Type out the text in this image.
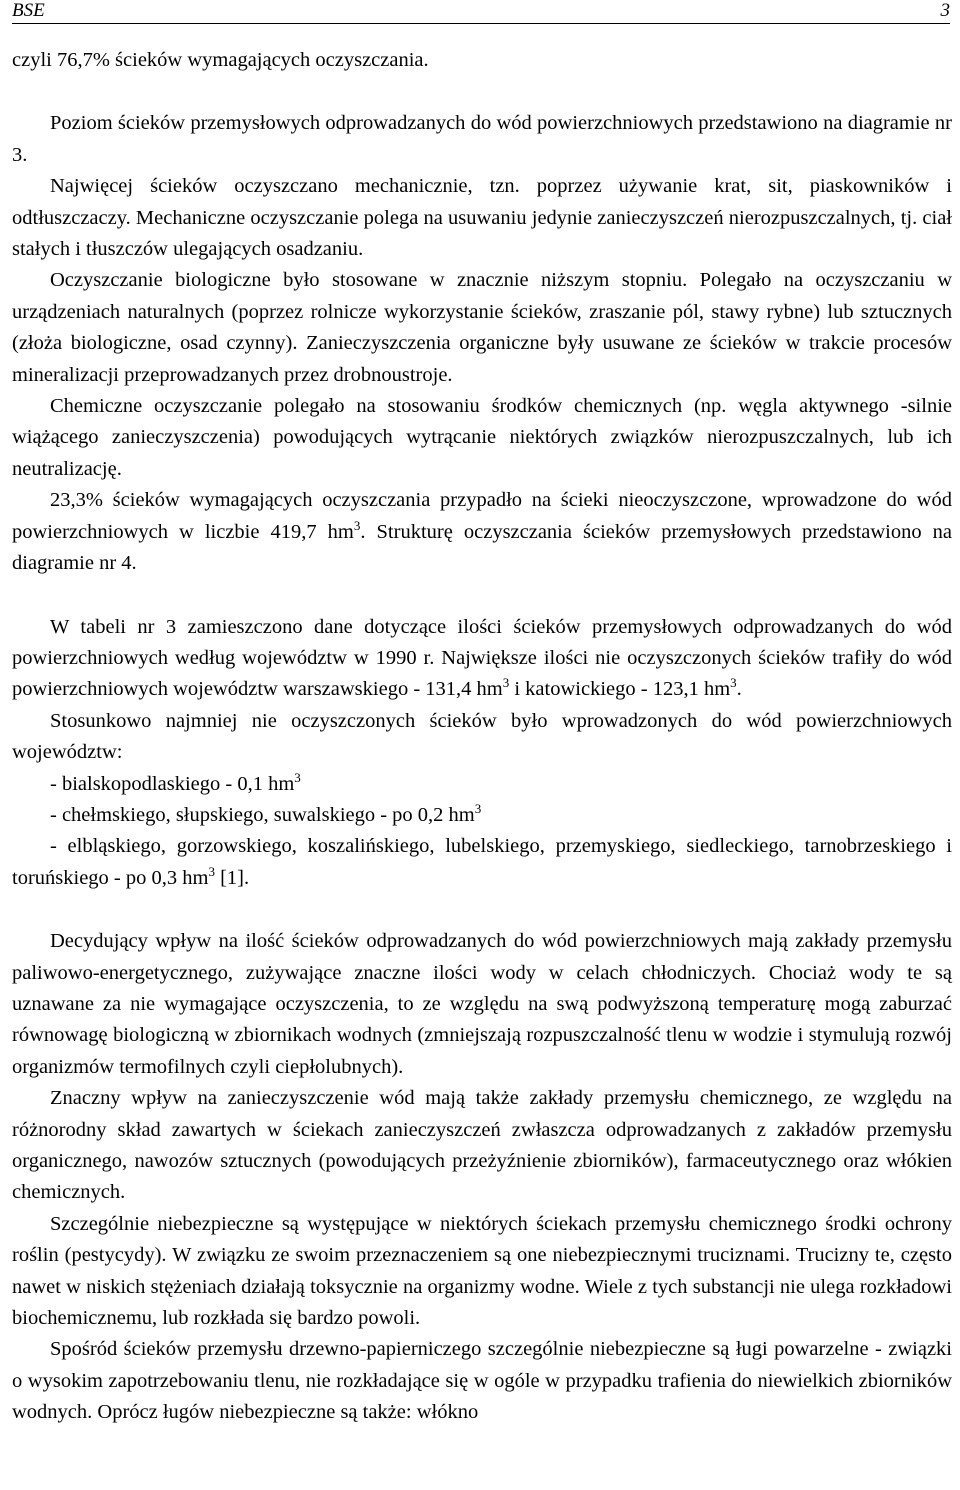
BSE	3

czyli 76,7% ścieków wymagających oczyszczania.

Poziom ścieków przemysłowych odprowadzanych do wód powierzchniowych przedstawiono na diagramie nr 3.

Najwięcej ścieków oczyszczano mechanicznie, tzn. poprzez używanie krat, sit, piaskowników i odtłuszczaczy. Mechaniczne oczyszczanie polega na usuwaniu jedynie zanieczyszczeń nierozpuszczalnych, tj. ciał stałych i tłuszczów ulegających osadzaniu.

Oczyszczanie biologiczne było stosowane w znacznie niższym stopniu. Polegało na oczyszczaniu w urządzeniach naturalnych (poprzez rolnicze wykorzystanie ścieków, zraszanie pól, stawy rybne) lub sztucznych (złoża biologiczne, osad czynny). Zanieczyszczenia organiczne były usuwane ze ścieków w trakcie procesów mineralizacji przeprowadzanych przez drobnoustroje.

Chemiczne oczyszczanie polegało na stosowaniu środków chemicznych (np. węgla aktywnego -silnie wiążącego zanieczyszczenia) powodujących wytrącanie niektórych związków nierozpuszczalnych, lub ich neutralizację.

23,3% ścieków wymagających oczyszczania przypadło na ścieki nieoczyszczone, wprowadzone do wód powierzchniowych w liczbie 419,7 $hm^3$. Strukturę oczyszczania ścieków przemysłowych przedstawiono na diagramie nr 4.

W tabeli nr 3 zamieszczono dane dotyczące ilości ścieków przemysłowych odprowadzanych do wód powierzchniowych według województw w 1990 r. Największe ilości nie oczyszczonych ścieków trafiły do wód powierzchniowych województw warszawskiego - 131,4 $hm^3$ i katowickiego - 123,1 $hm^3$.

Stosunkowo najmniej nie oczyszczonych ścieków było wprowadzonych do wód powierzchniowych województw:

- bialskopodlaskiego - 0,1 $hm^3$

- chełmskiego, słupskiego, suwalskiego - po 0,2 $hm^3$

- elbląskiego, gorzowskiego, koszalińskiego, lubelskiego, przemyskiego, siedleckiego, tarnobrzeskiego i toruńskiego - po 0,3 $hm^3$ [1].

Decydujący wpływ na ilość ścieków odprowadzanych do wód powierzchniowych mają zakłady przemysłu paliwowo-energetycznego, zużywające znaczne ilości wody w celach chłodniczych. Chociaż wody te są uznawane za nie wymagające oczyszczenia, to ze względu na swą podwyższoną temperaturę mogą zaburzać równowagę biologiczną w zbiornikach wodnych (zmniejszają rozpuszczalność tlenu w wodzie i stymulują rozwój organizmów termofilnych czyli ciepłolubnych).

Znaczny wpływ na zanieczyszczenie wód mają także zakłady przemysłu chemicznego, ze względu na różnorodny skład zawartych w ściekach zanieczyszczeń zwłaszcza odprowadzanych z zakładów przemysłu organicznego, nawozów sztucznych (powodujących przeżyźnienie zbiorników), farmaceutycznego oraz włókien chemicznych.

Szczególnie niebezpieczne są występujące w niektórych ściekach przemysłu chemicznego środki ochrony roślin (pestycydy). W związku ze swoim przeznaczeniem są one niebezpiecznymi truciznami. Trucizny te, często nawet w niskich stężeniach działają toksycznie na organizmy wodne. Wiele z tych substancji nie ulega rozkładowi biochemicznemu, lub rozkłada się bardzo powoli.

Spośród ścieków przemysłu drzewno-papierniczego szczególnie niebezpieczne są ługi powarzelne - związki o wysokim zapotrzebowaniu tlenu, nie rozkładające się w ogóle w przypadku trafienia do niewielkich zbiorników wodnych. Oprócz ługów niebezpieczne są także: włókno
